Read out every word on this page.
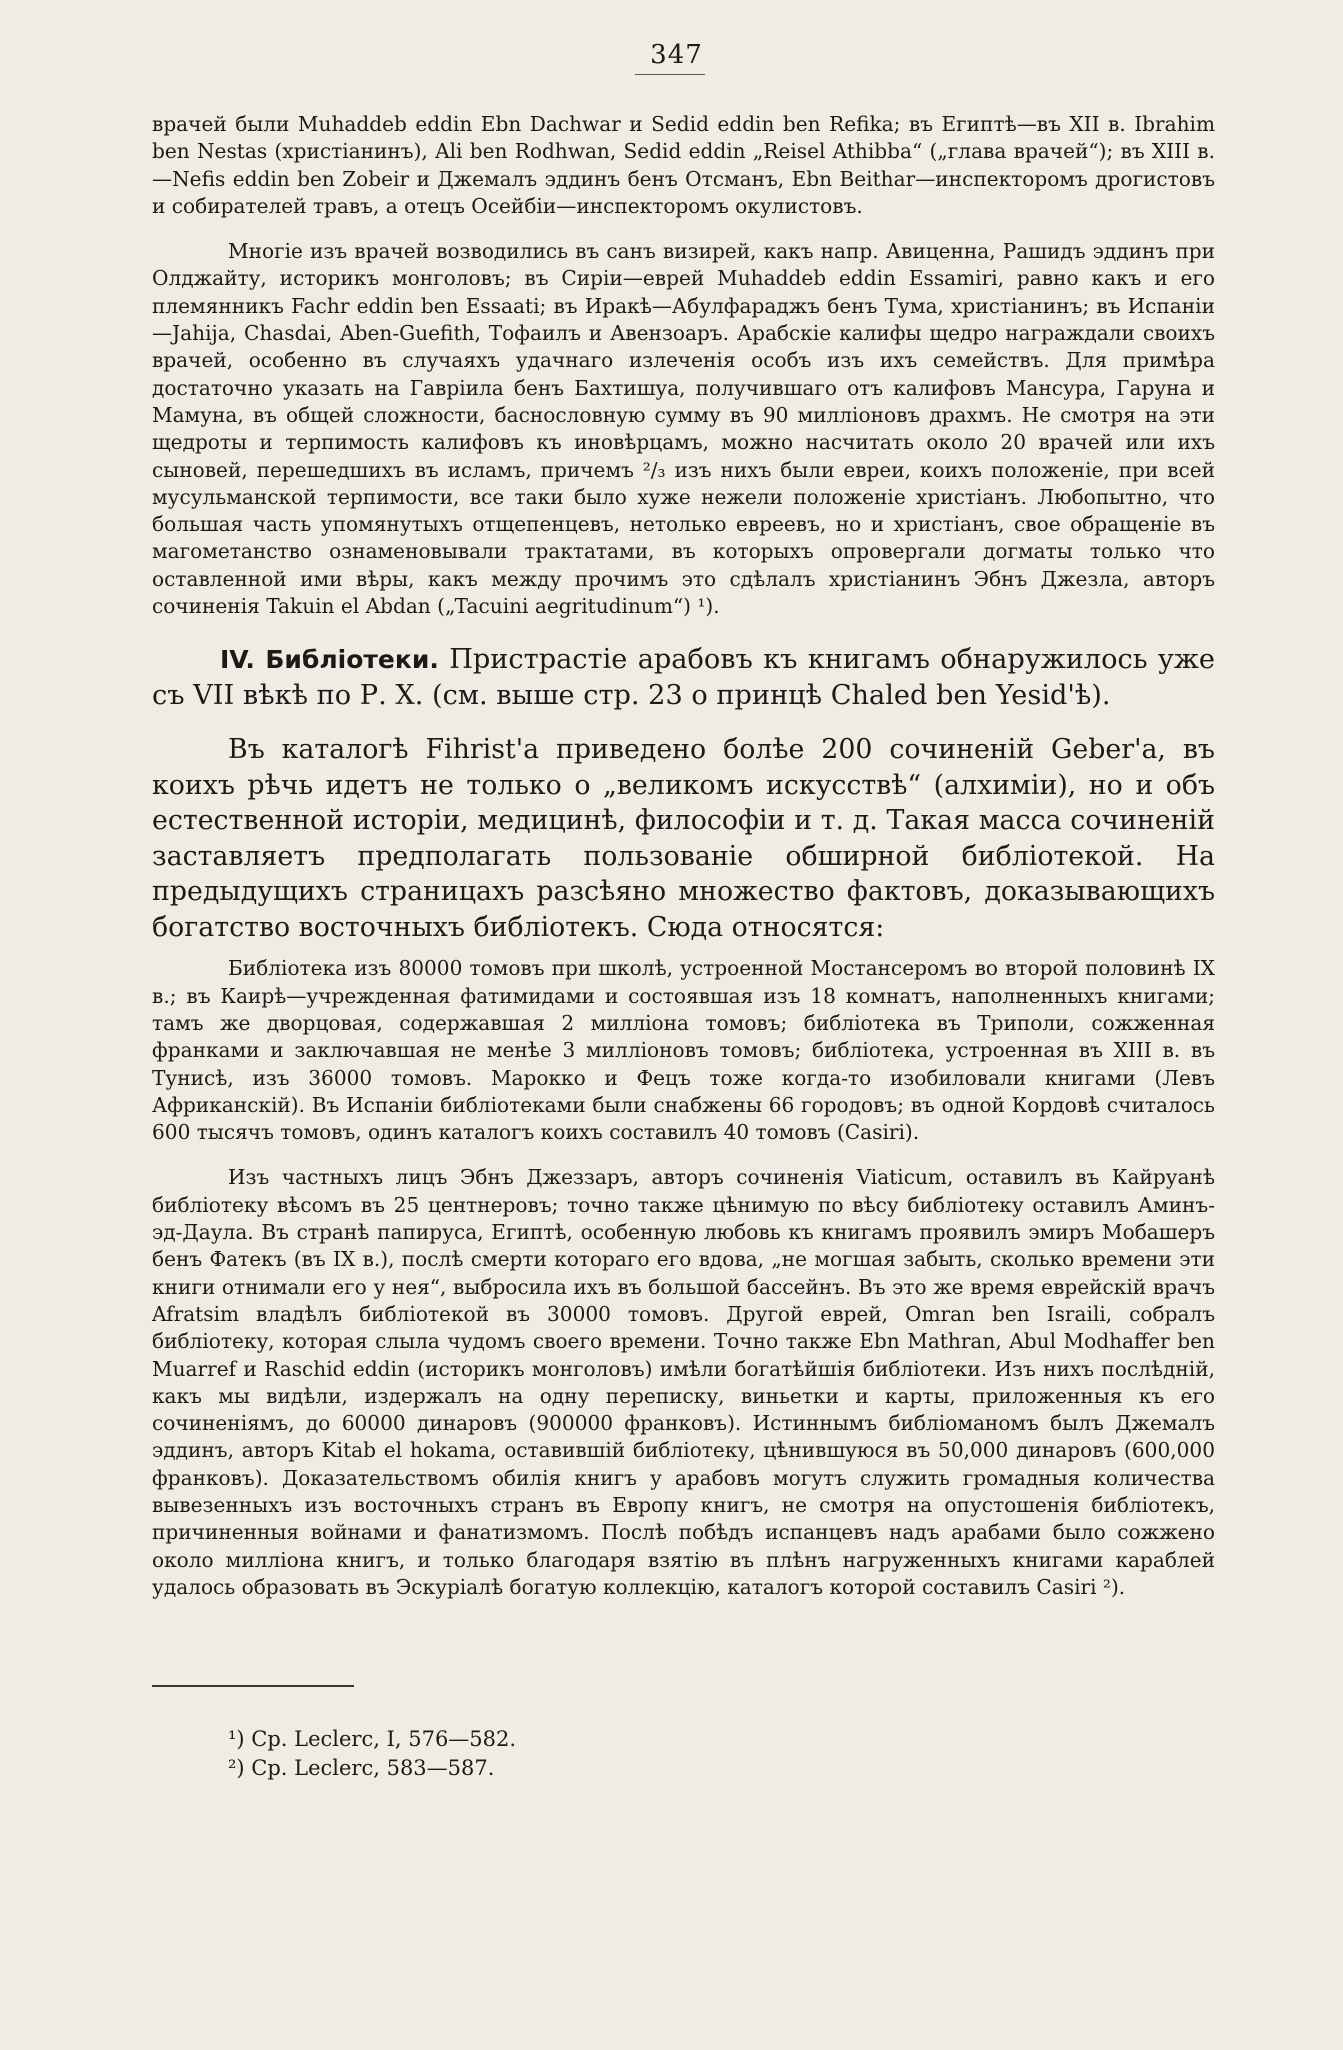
347
врачей были Muhaddeb eddin Ebn Dachwar и Sedid eddin ben Refika; въ Египтѣ—въ XII в. Ibrahim ben Nestas (христіанинъ), Ali ben Rodhwan, Sedid eddin „Reisel Athibba“ („глава врачей“); въ XIII в.—Nefis eddin ben Zobeir и Джемалъ эддинъ бенъ Отсманъ, Ebn Beithar—инспекторомъ дрогистовъ и собирателей травъ, а отецъ Осейбіи—инспекторомъ окулистовъ.
Многіе изъ врачей возводились въ санъ визирей, какъ напр. Авиценна, Рашидъ эддинъ при Олджайту, историкъ монголовъ; въ Сиріи—еврей Muhaddeb eddin Essamiri, равно какъ и его племянникъ Fachr eddin ben Essaati; въ Иракѣ—Абулфараджъ бенъ Тума, христіанинъ; въ Испаніи—Jahija, Chasdai, Aben-Guefith, Тофаилъ и Авензоаръ. Арабскіе калифы щедро награждали своихъ врачей, особенно въ случаяхъ удачнаго излеченія особъ изъ ихъ семействъ. Для примѣра достаточно указать на Гавріила бенъ Бахтишуа, получившаго отъ калифовъ Мансура, Гаруна и Мамуна, въ общей сложности, баснословную сумму въ 90 милліоновъ драхмъ. Не смотря на эти щедроты и терпимость калифовъ къ иновѣрцамъ, можно насчитать около 20 врачей или ихъ сыновей, перешедшихъ въ исламъ, причемъ ²/₃ изъ нихъ были евреи, коихъ положеніе, при всей мусульманской терпимости, все таки было хуже нежели положеніе христіанъ. Любопытно, что большая часть упомянутыхъ отщепенцевъ, нетолько евреевъ, но и христіанъ, свое обращеніе въ магометанство ознаменовывали трактатами, въ которыхъ опровергали догматы только что оставленной ими вѣры, какъ между прочимъ это сдѣлалъ христіанинъ Эбнъ Джезла, авторъ сочиненія Takuin el Abdan („Tacuini aegritudinum“) ¹).
IV. Библіотеки. Пристрастіе арабовъ къ книгамъ обнаружилось уже съ VII вѣкѣ по Р. Х. (см. выше стр. 23 о принцѣ Chaled ben Yesid'ѣ).
Въ каталогѣ Fihrist'а приведено болѣе 200 сочиненій Geber'а, въ коихъ рѣчь идетъ не только о „великомъ искусствѣ“ (алхиміи), но и объ естественной исторіи, медицинѣ, философіи и т. д. Такая масса сочиненій заставляетъ предполагать пользованіе обширной библіотекой. На предыдущихъ страницахъ разсѣяно множество фактовъ, доказывающихъ богатство восточныхъ библіотекъ. Сюда относятся:
Библіотека изъ 80000 томовъ при школѣ, устроенной Мостансеромъ во второй половинѣ IX в.; въ Каирѣ—учрежденная фатимидами и состоявшая изъ 18 комнатъ, наполненныхъ книгами; тамъ же дворцовая, содержавшая 2 милліона томовъ; библіотека въ Триполи, сожженная франками и заключавшая не менѣе 3 милліоновъ томовъ; библіотека, устроенная въ XIII в. въ Тунисѣ, изъ 36000 томовъ. Марокко и Фецъ тоже когда-то изобиловали книгами (Левъ Африканскій). Въ Испаніи библіотеками были снабжены 66 городовъ; въ одной Кордовѣ считалось 600 тысячъ томовъ, одинъ каталогъ коихъ составилъ 40 томовъ (Casiri).
Изъ частныхъ лицъ Эбнъ Джеззаръ, авторъ сочиненія Viaticum, оставилъ въ Кайруанѣ библіотеку вѣсомъ въ 25 центнеровъ; точно также цѣнимую по вѣсу библіотеку оставилъ Аминъ-эд-Даула. Въ странѣ папируса, Египтѣ, особенную любовь къ книгамъ проявилъ эмиръ Мобашеръ бенъ Фатекъ (въ IX в.), послѣ смерти котораго его вдова, „не могшая забыть, сколько времени эти книги отнимали его у нея“, выбросила ихъ въ большой бассейнъ. Въ это же время еврейскій врачъ Afratsim владѣлъ библіотекой въ 30000 томовъ. Другой еврей, Omran ben Israili, собралъ библіотеку, которая слыла чудомъ своего времени. Точно также Ebn Mathran, Abul Modhaffer ben Muarref и Raschid eddin (историкъ монголовъ) имѣли богатѣйшія библіотеки. Изъ нихъ послѣдній, какъ мы видѣли, издержалъ на одну переписку, виньетки и карты, приложенныя къ его сочиненіямъ, до 60000 динаровъ (900000 франковъ). Истиннымъ библіоманомъ былъ Джемалъ эддинъ, авторъ Kitab el hokama, оставившій библіотеку, цѣнившуюся въ 50,000 динаровъ (600,000 франковъ). Доказательствомъ обилія книгъ у арабовъ могутъ служить громадныя количества вывезенныхъ изъ восточныхъ странъ въ Европу книгъ, не смотря на опустошенія библіотекъ, причиненныя войнами и фанатизмомъ. Послѣ побѣдъ испанцевъ надъ арабами было сожжено около милліона книгъ, и только благодаря взятію въ плѣнъ нагруженныхъ книгами караблей удалось образовать въ Эскуріалѣ богатую коллекцію, каталогъ которой составилъ Casiri ²).
¹) Cp. Leclerc, I, 576—582.
²) Cp. Leclerc, 583—587.
